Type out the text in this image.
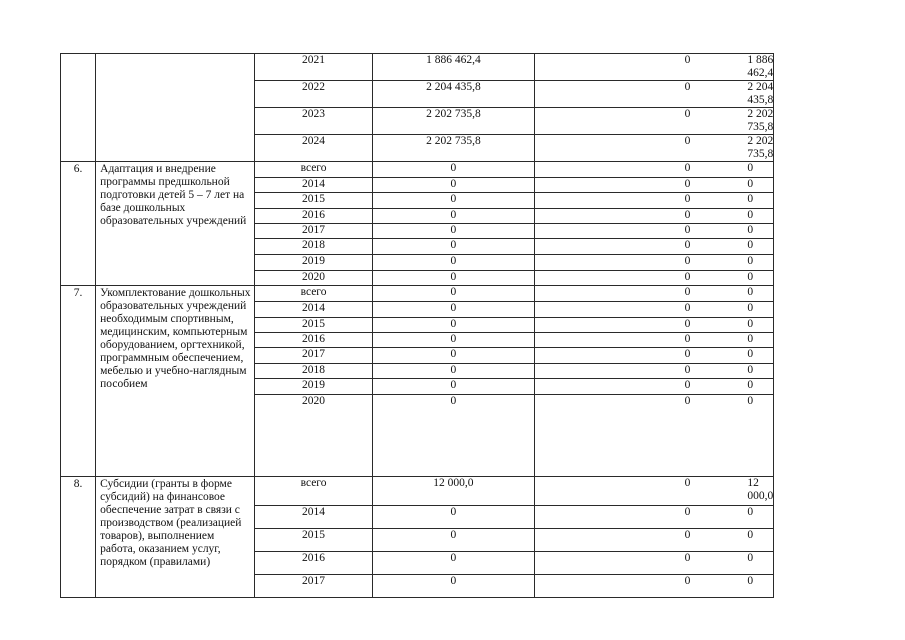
		2021	1 886 462,4	0	1 886 462,4
		2022	2 204 435,8	0	2 204 435,8
		2023	2 202 735,8	0	2 202 735,8
		2024	2 202 735,8	0	2 202 735,8
6.	Адаптация и внедрение программы предшкольной подготовки детей 5 – 7 лет на базе дошкольных образовательных учреждений	всего	0	0	0
		2014	0	0	0
		2015	0	0	0
		2016	0	0	0
		2017	0	0	0
		2018	0	0	0
		2019	0	0	0
		2020	0	0	0
7.	Укомплектование дошкольных образовательных учреждений необходимым спортивным, медицинским, компьютерным оборудованием, оргтехникой, программным обеспечением, мебелью и учебно-наглядным пособием	всего	0	0	0
		2014	0	0	0
		2015	0	0	0
		2016	0	0	0
		2017	0	0	0
		2018	0	0	0
		2019	0	0	0
		2020	0	0	0
8.	Субсидии (гранты в форме субсидий) на финансовое обеспечение затрат в связи с производством (реализацией товаров), выполнением работа, оказанием услуг, порядком (правилами)	всего	12 000,0	0	12 000,0
		2014	0	0	0
		2015	0	0	0
		2016	0	0	0
		2017	0	0	0
